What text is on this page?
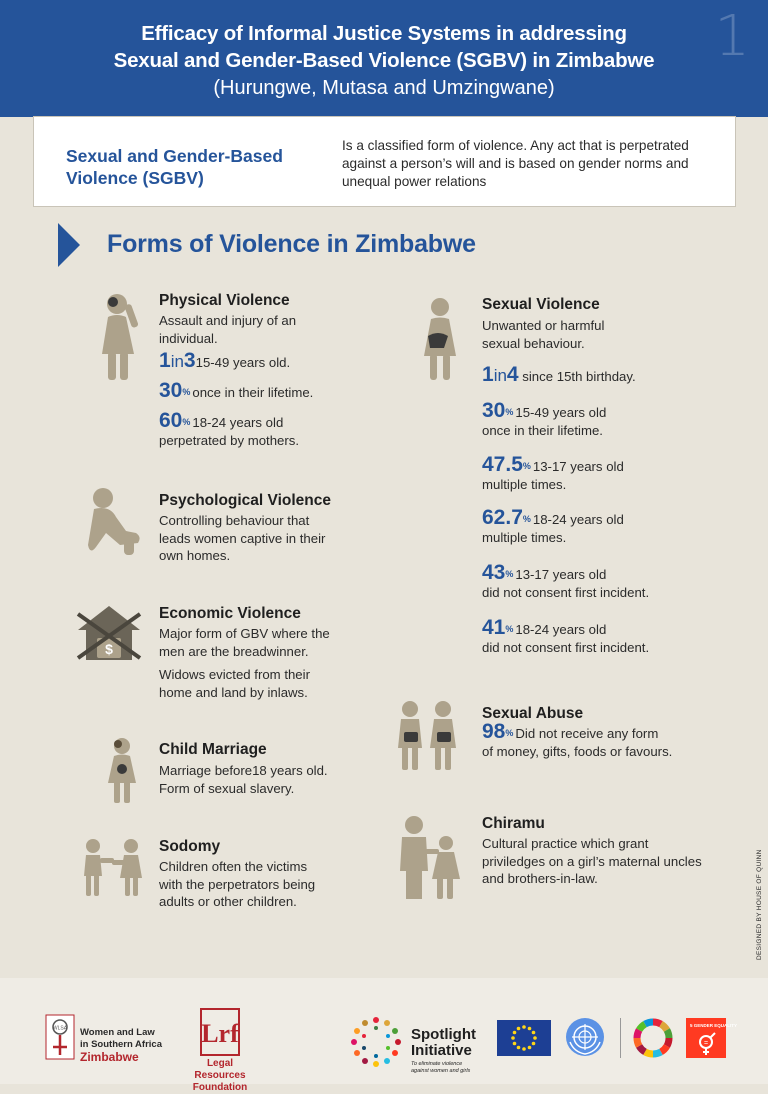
Efficacy of Informal Justice Systems in addressing
Sexual and Gender-Based Violence (SGBV) in Zimbabwe
(Hurungwe, Mutasa and Umzingwane)
1
Sexual and Gender-Based Violence (SGBV)
Is a classified form of violence. Any act that is perpetrated against a person’s will and is based on gender norms and unequal power relations
Forms of Violence in Zimbabwe
Physical Violence
Assault and injury of an individual.
1in315-49 years old.
30% once in their lifetime.
60% 18-24 years old
perpetrated by mothers.
Psychological Violence
Controlling behaviour that leads women captive in their own homes.
$
Economic Violence
Major form of GBV where the men are the breadwinner.
Widows evicted from their home and land by inlaws.
Child Marriage
Marriage before18 years old. Form of sexual slavery.
Sodomy
Children often the victims with the perpetrators being adults or other children.
Sexual Violence
Unwanted or harmful sexual behaviour.
1in4 since 15th birthday.
30% 15-49 years old
once in their lifetime.
47.5% 13-17 years old
multiple times.
62.7% 18-24 years old
multiple times.
43% 13-17 years old
did not consent first incident.
41% 18-24 years old
did not consent first incident.
Sexual Abuse
98% Did not receive any form
of money, gifts, foods or favours.
Chiramu
Cultural practice which grant priviledges on a girl’s maternal uncles and brothers-in-law.	DESIGNED BY HOUSE OF QUINN
WLSA Women and Law
in Southern Africa
Zimbabwe
Lrf
Legal Resources
Foundation
Spotlight
Initiative
To eliminate violence
against women and girls
5 GENDER EQUALITY
=
